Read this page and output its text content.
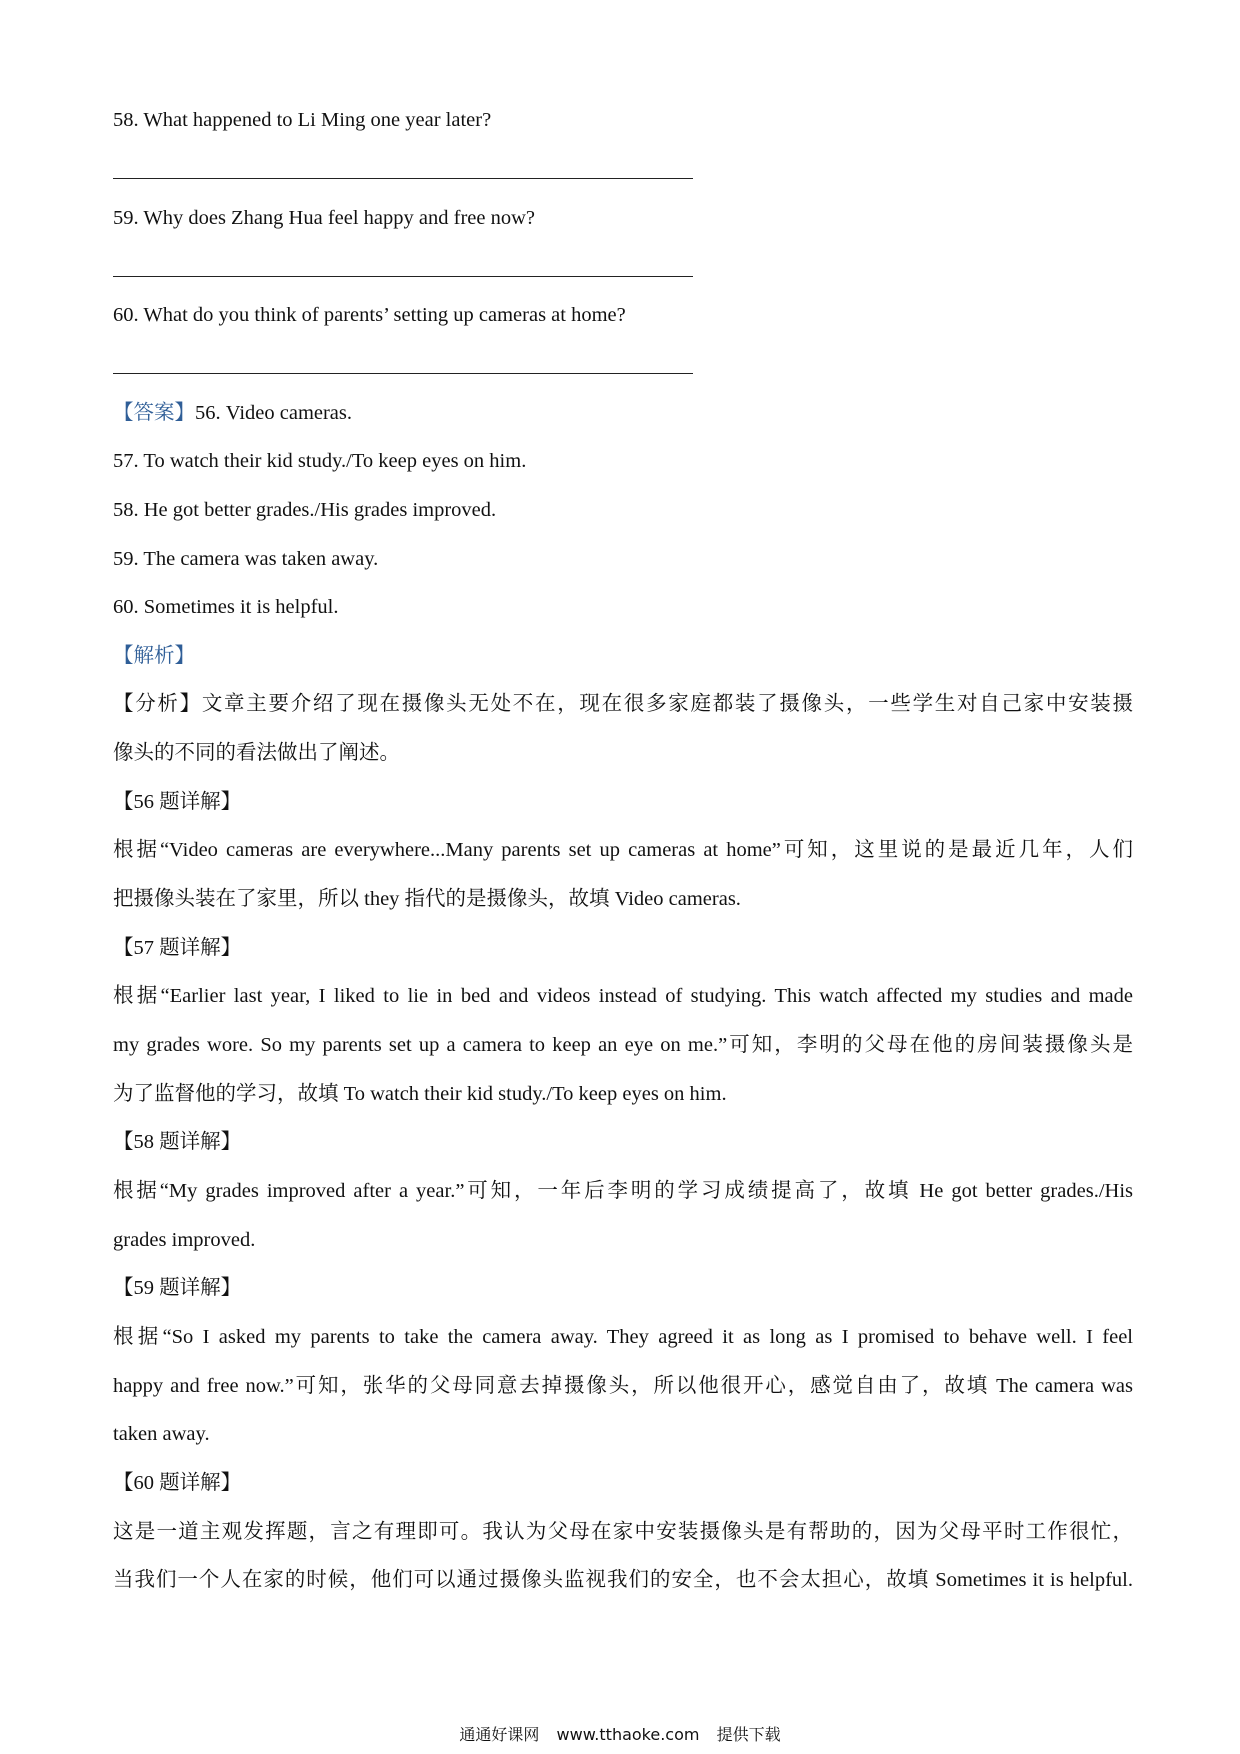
58. What happened to Li Ming one year later?
59. Why does Zhang Hua feel happy and free now?
60. What do you think of parents’ setting up cameras at home?
【答案】56. Video cameras.
57. To watch their kid study./To keep eyes on him.
58. He got better grades./His grades improved.
59. The camera was taken away.
60. Sometimes it is helpful.
【解析】
【分析】文章主要介绍了现在摄像头无处不在，现在很多家庭都装了摄像头，一些学生对自己家中安装摄
像头的不同的看法做出了阐述。
【56 题详解】
根据“Video cameras are everywhere...Many parents set up cameras at home”可知，这里说的是最近几年，人们
把摄像头装在了家里，所以 they 指代的是摄像头，故填 Video cameras.
【57 题详解】
根据“Earlier last year, I liked to lie in bed and videos instead of studying. This watch affected my studies and made
my grades wore. So my parents set up a camera to keep an eye on me.”可知，李明的父母在他的房间装摄像头是
为了监督他的学习，故填 To watch their kid study./To keep eyes on him.
【58 题详解】
根据“My grades improved after a year.”可知，一年后李明的学习成绩提高了，故填 He got better grades./His
grades improved.
【59 题详解】
根据“So I asked my parents to take the camera away. They agreed it as long as I promised to behave well. I feel
happy and free now.”可知，张华的父母同意去掉摄像头，所以他很开心，感觉自由了，故填 The camera was
taken away.
【60 题详解】
这是一道主观发挥题，言之有理即可。我认为父母在家中安装摄像头是有帮助的，因为父母平时工作很忙，
当我们一个人在家的时候，他们可以通过摄像头监视我们的安全，也不会太担心，故填 Sometimes it is helpful.
通通好课网 www.tthaoke.com 提供下载
